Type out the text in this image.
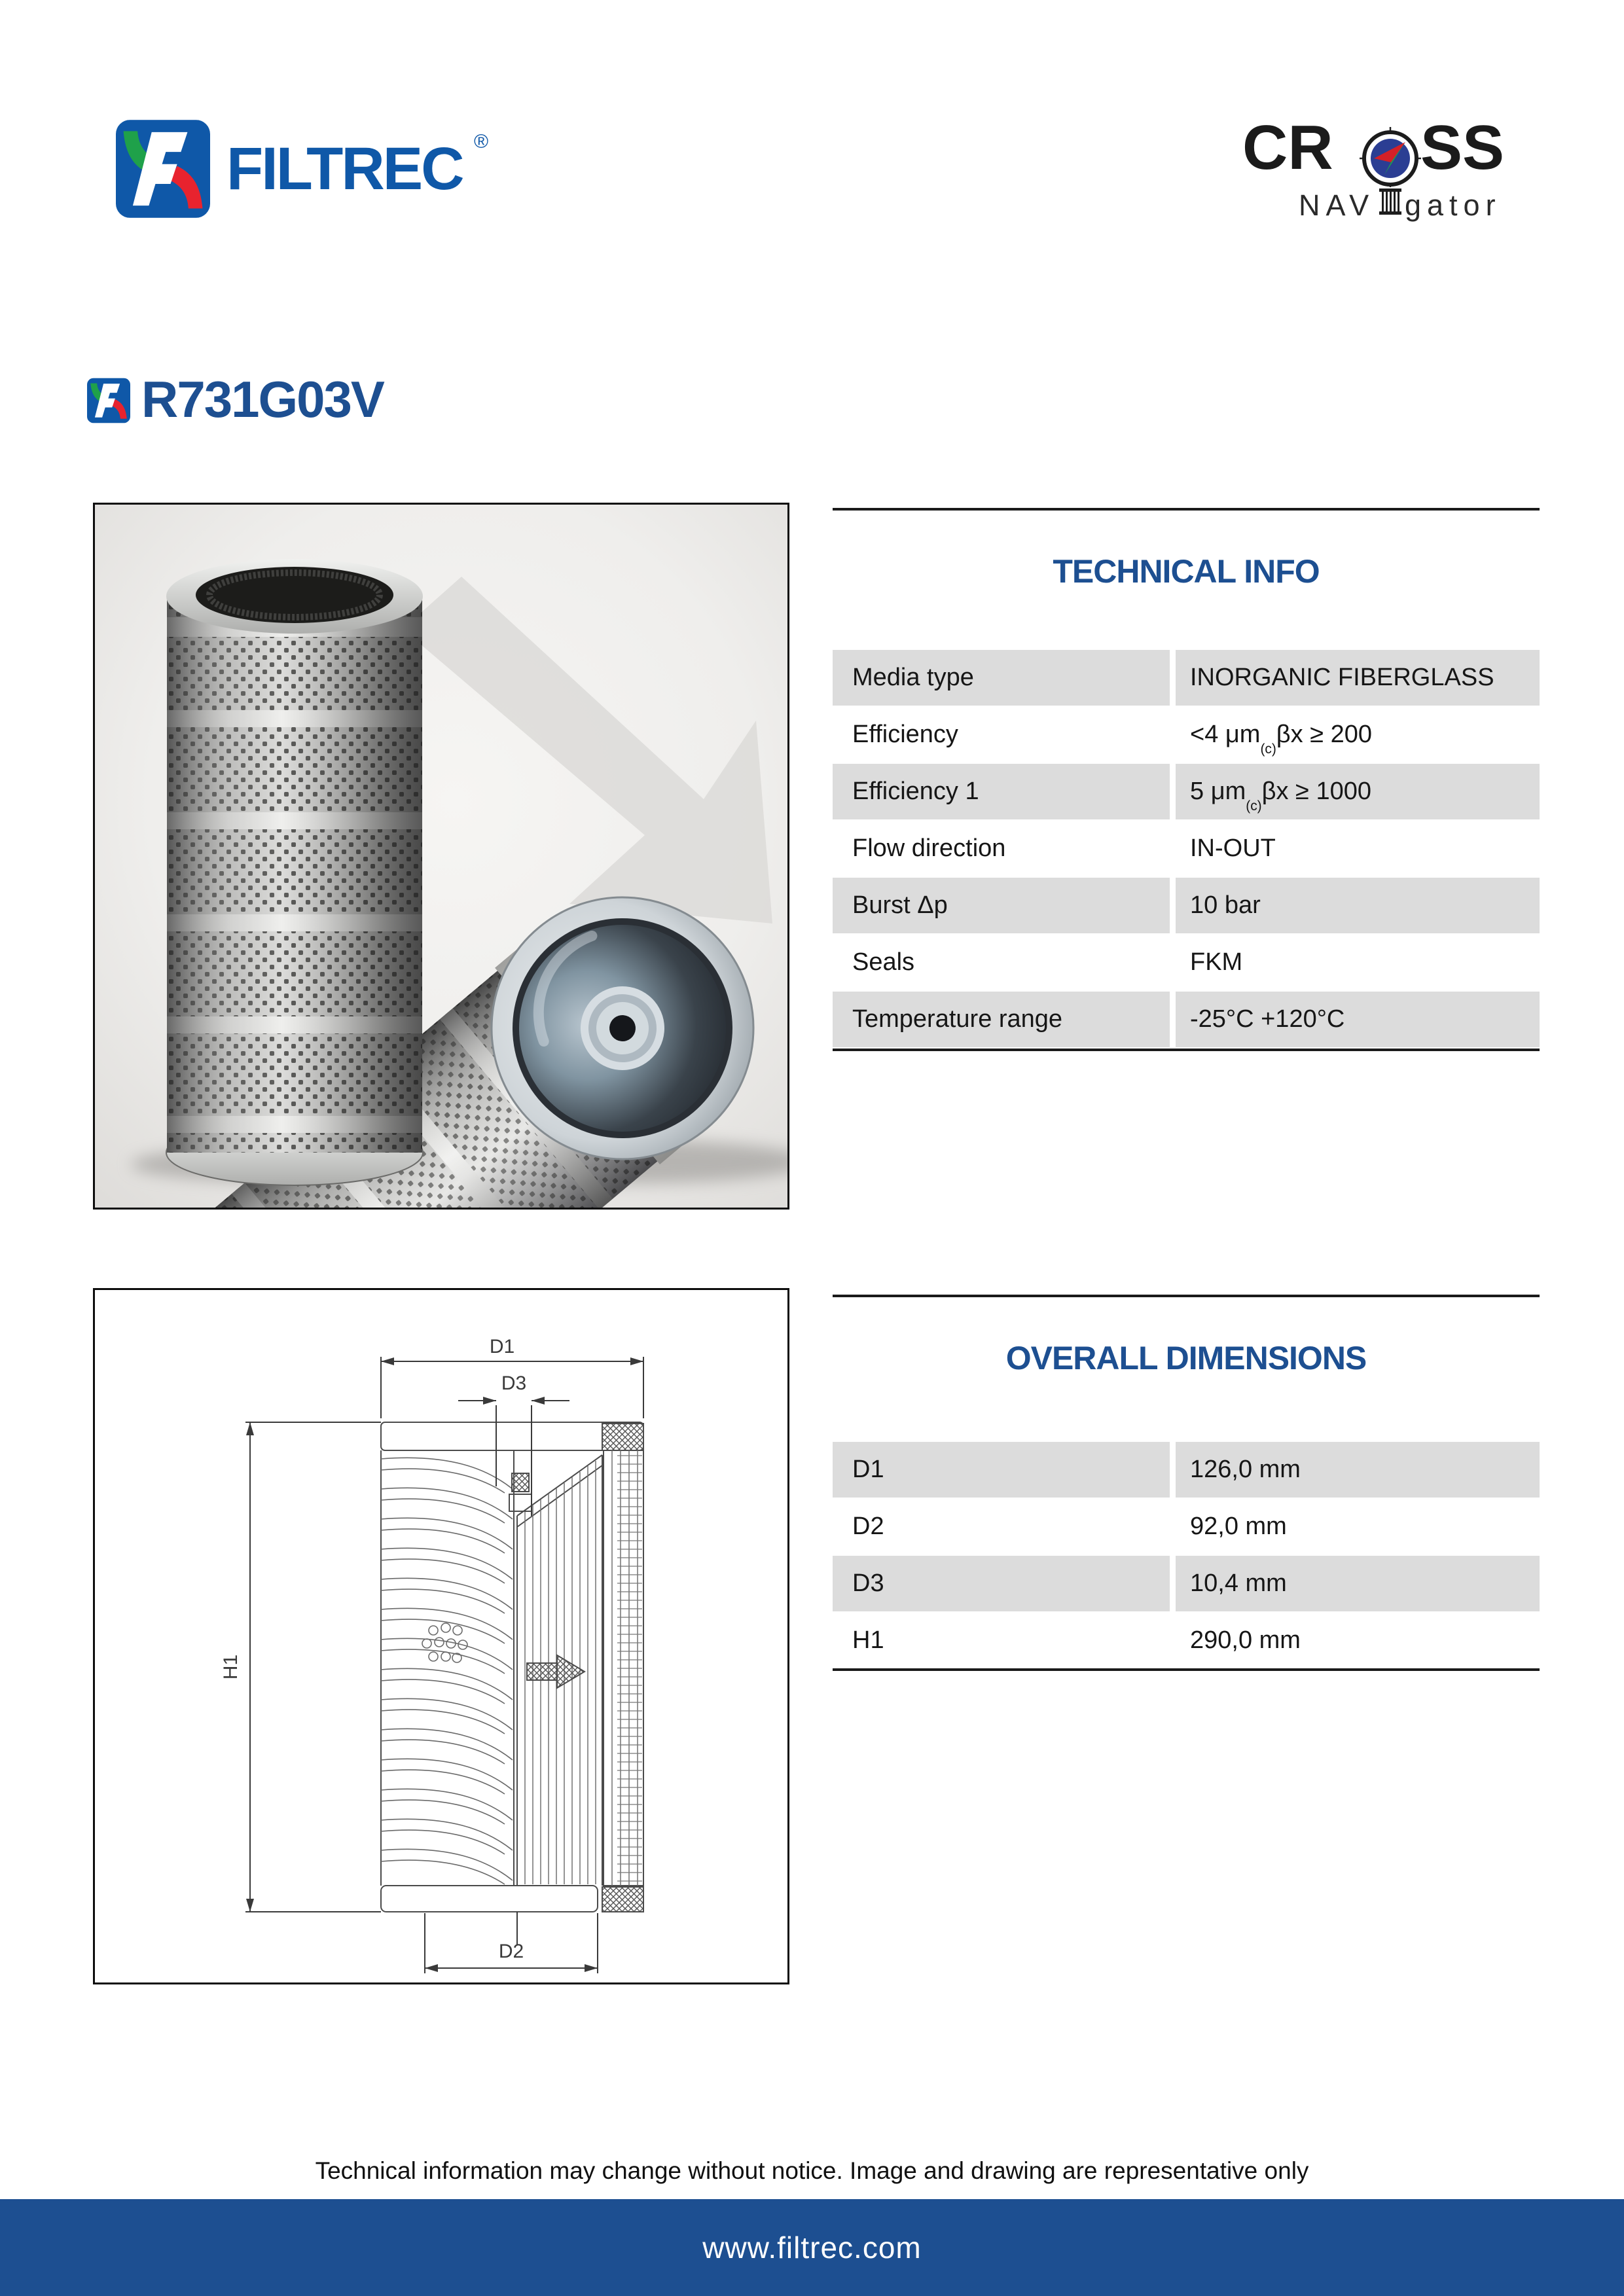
FILTREC ®	CR SS
NAV gator
R731G03V
TECHNICAL INFO
Media type	INORGANIC FIBERGLASS
Efficiency	<4 μm
$_{(c)}$
βx ≥ 200
Efficiency 1	5 μm
$_{(c)}$
βx ≥ 1000
Flow direction	IN-OUT
Burst Δp	10 bar
Seals	FKM
Temperature range	-25°C +120°C
D1
D3
H1
D2
OVERALL DIMENSIONS
D1	126,0 mm
D2	92,0 mm
D3	10,4 mm
H1	290,0 mm
Technical information may change without notice. Image and drawing are representative only
www.filtrec.com
